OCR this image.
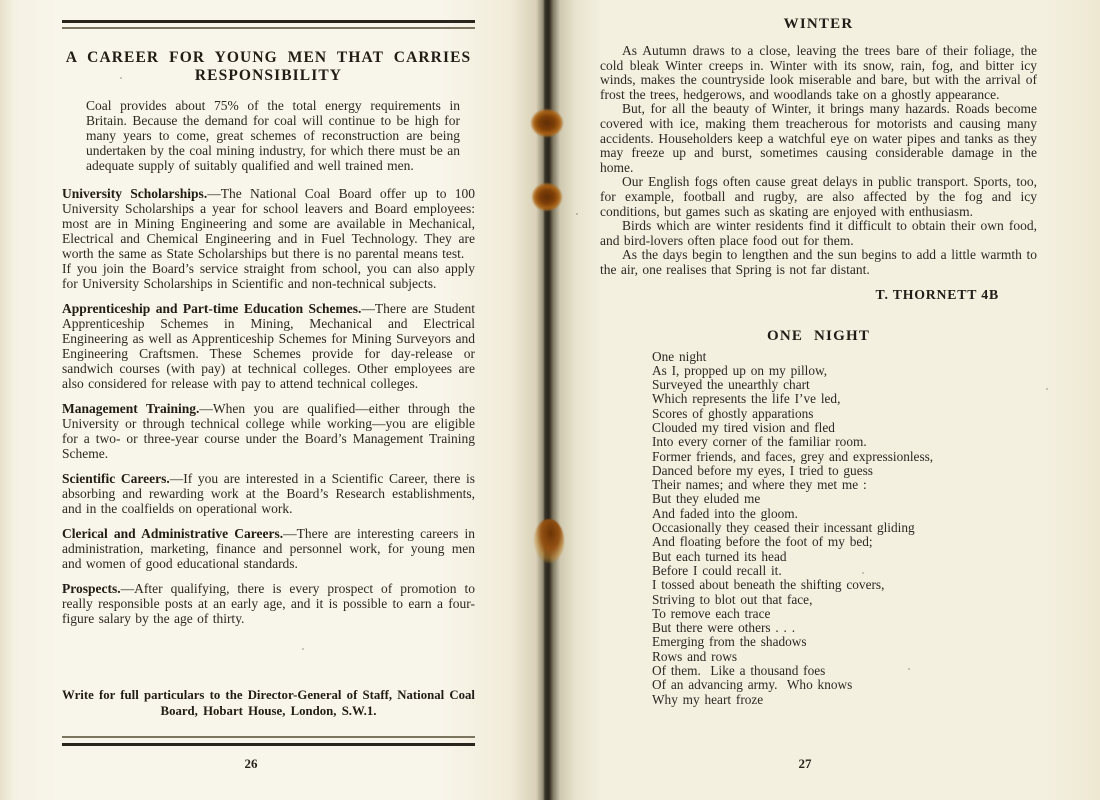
A CAREER FOR YOUNG MEN THAT CARRIES
RESPONSIBILITY

Coal provides about 75% of the total energy requirements in Britain. Because the demand for coal will continue to be high for many years to come, great schemes of reconstruction are being undertaken by the coal mining industry, for which there must be an adequate supply of suitably qualified and well trained men.

University Scholarships.—The National Coal Board offer up to 100 University Scholarships a year for school leavers and Board employees: most are in Mining Engineering and some are available in Mechanical, Electrical and Chemical Engineering and in Fuel Technology. They are worth the same as State Scholarships but there is no parental means test.

If you join the Board’s service straight from school, you can also apply for University Scholarships in Scientific and non-technical subjects.

Apprenticeship and Part-time Education Schemes.—There are Student Apprenticeship Schemes in Mining, Mechanical and Electrical Engineering as well as Apprenticeship Schemes for Mining Surveyors and Engineering Craftsmen. These Schemes provide for day-release or sandwich courses (with pay) at technical colleges. Other employees are also considered for release with pay to attend technical colleges.

Management Training.—When you are qualified—either through the University or through technical college while working—you are eligible for a two- or three-year course under the Board’s Management Training Scheme.

Scientific Careers.—If you are interested in a Scientific Career, there is absorbing and rewarding work at the Board’s Research establishments, and in the coalfields on operational work.

Clerical and Administrative Careers.—There are interesting careers in administration, marketing, finance and personnel work, for young men and women of good educational standards.

Prospects.—After qualifying, there is every prospect of promotion to really responsible posts at an early age, and it is possible to earn a four-figure salary by the age of thirty.

Write for full particulars to the Director-General of Staff, National Coal
Board, Hobart House, London, S.W.1.
26
WINTER

As Autumn draws to a close, leaving the trees bare of their foliage, the cold bleak Winter creeps in. Winter with its snow, rain, fog, and bitter icy winds, makes the countryside look miserable and bare, but with the arrival of frost the trees, hedgerows, and woodlands take on a ghostly appearance.

But, for all the beauty of Winter, it brings many hazards. Roads become covered with ice, making them treacherous for motorists and causing many accidents. Householders keep a watchful eye on water pipes and tanks as they may freeze up and burst, sometimes causing considerable damage in the home.

Our English fogs often cause great delays in public transport. Sports, too, for example, football and rugby, are also affected by the fog and icy conditions, but games such as skating are enjoyed with enthusiasm.

Birds which are winter residents find it difficult to obtain their own food, and bird-lovers often place food out for them.

As the days begin to lengthen and the sun begins to add a little warmth to the air, one realises that Spring is not far distant.

T. THORNETT 4B
ONE NIGHT
One night
As I, propped up on my pillow,
Surveyed the unearthly chart
Which represents the life I’ve led,
Scores of ghostly apparations
Clouded my tired vision and fled
Into every corner of the familiar room.
Former friends, and faces, grey and expressionless,
Danced before my eyes, I tried to guess
Their names; and where they met me :
But they eluded me
And faded into the gloom.
Occasionally they ceased their incessant gliding
And floating before the foot of my bed;
But each turned its head
Before I could recall it.
I tossed about beneath the shifting covers,
Striving to blot out that face,
To remove each trace
But there were others . . .
Emerging from the shadows
Rows and rows
Of them.  Like a thousand foes
Of an advancing army.  Who knows
Why my heart froze
27
